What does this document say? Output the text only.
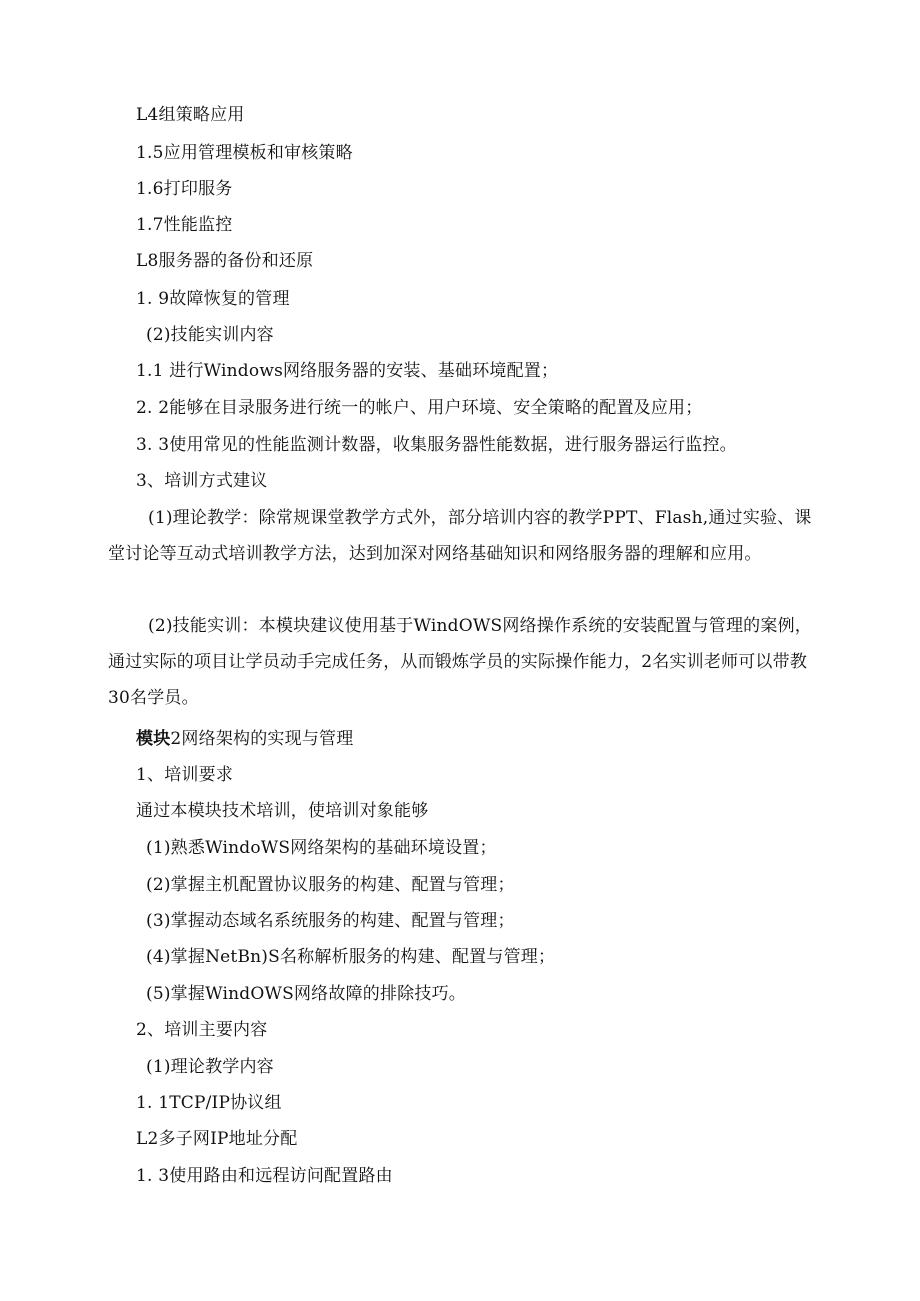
L4组策略应用
1.5应用管理模板和审核策略
1.6打印服务
1.7性能监控
L8服务器的备份和还原
1. 9故障恢复的管理
(2)技能实训内容
1.1 进行Windows网络服务器的安装、基础环境配置；
2. 2能够在目录服务进行统一的帐户、用户环境、安全策略的配置及应用；
3. 3使用常见的性能监测计数器，收集服务器性能数据，进行服务器运行监控。
3、培训方式建议
(1)理论教学：除常规课堂教学方式外，部分培训内容的教学PPT、Flash,通过实验、课堂讨论等互动式培训教学方法，达到加深对网络基础知识和网络服务器的理解和应用。
(2)技能实训：本模块建议使用基于WindOWS网络操作系统的安装配置与管理的案例，通过实际的项目让学员动手完成任务，从而锻炼学员的实际操作能力，2名实训老师可以带教30名学员。
模块2网络架构的实现与管理
1、培训要求
通过本模块技术培训，使培训对象能够
(1)熟悉WindoWS网络架构的基础环境设置；
(2)掌握主机配置协议服务的构建、配置与管理；
(3)掌握动态域名系统服务的构建、配置与管理；
(4)掌握NetBn)S名称解析服务的构建、配置与管理；
(5)掌握WindOWS网络故障的排除技巧。
2、培训主要内容
(1)理论教学内容
1. 1TCP/IP协议组
L2多子网IP地址分配
1. 3使用路由和远程访问配置路由
